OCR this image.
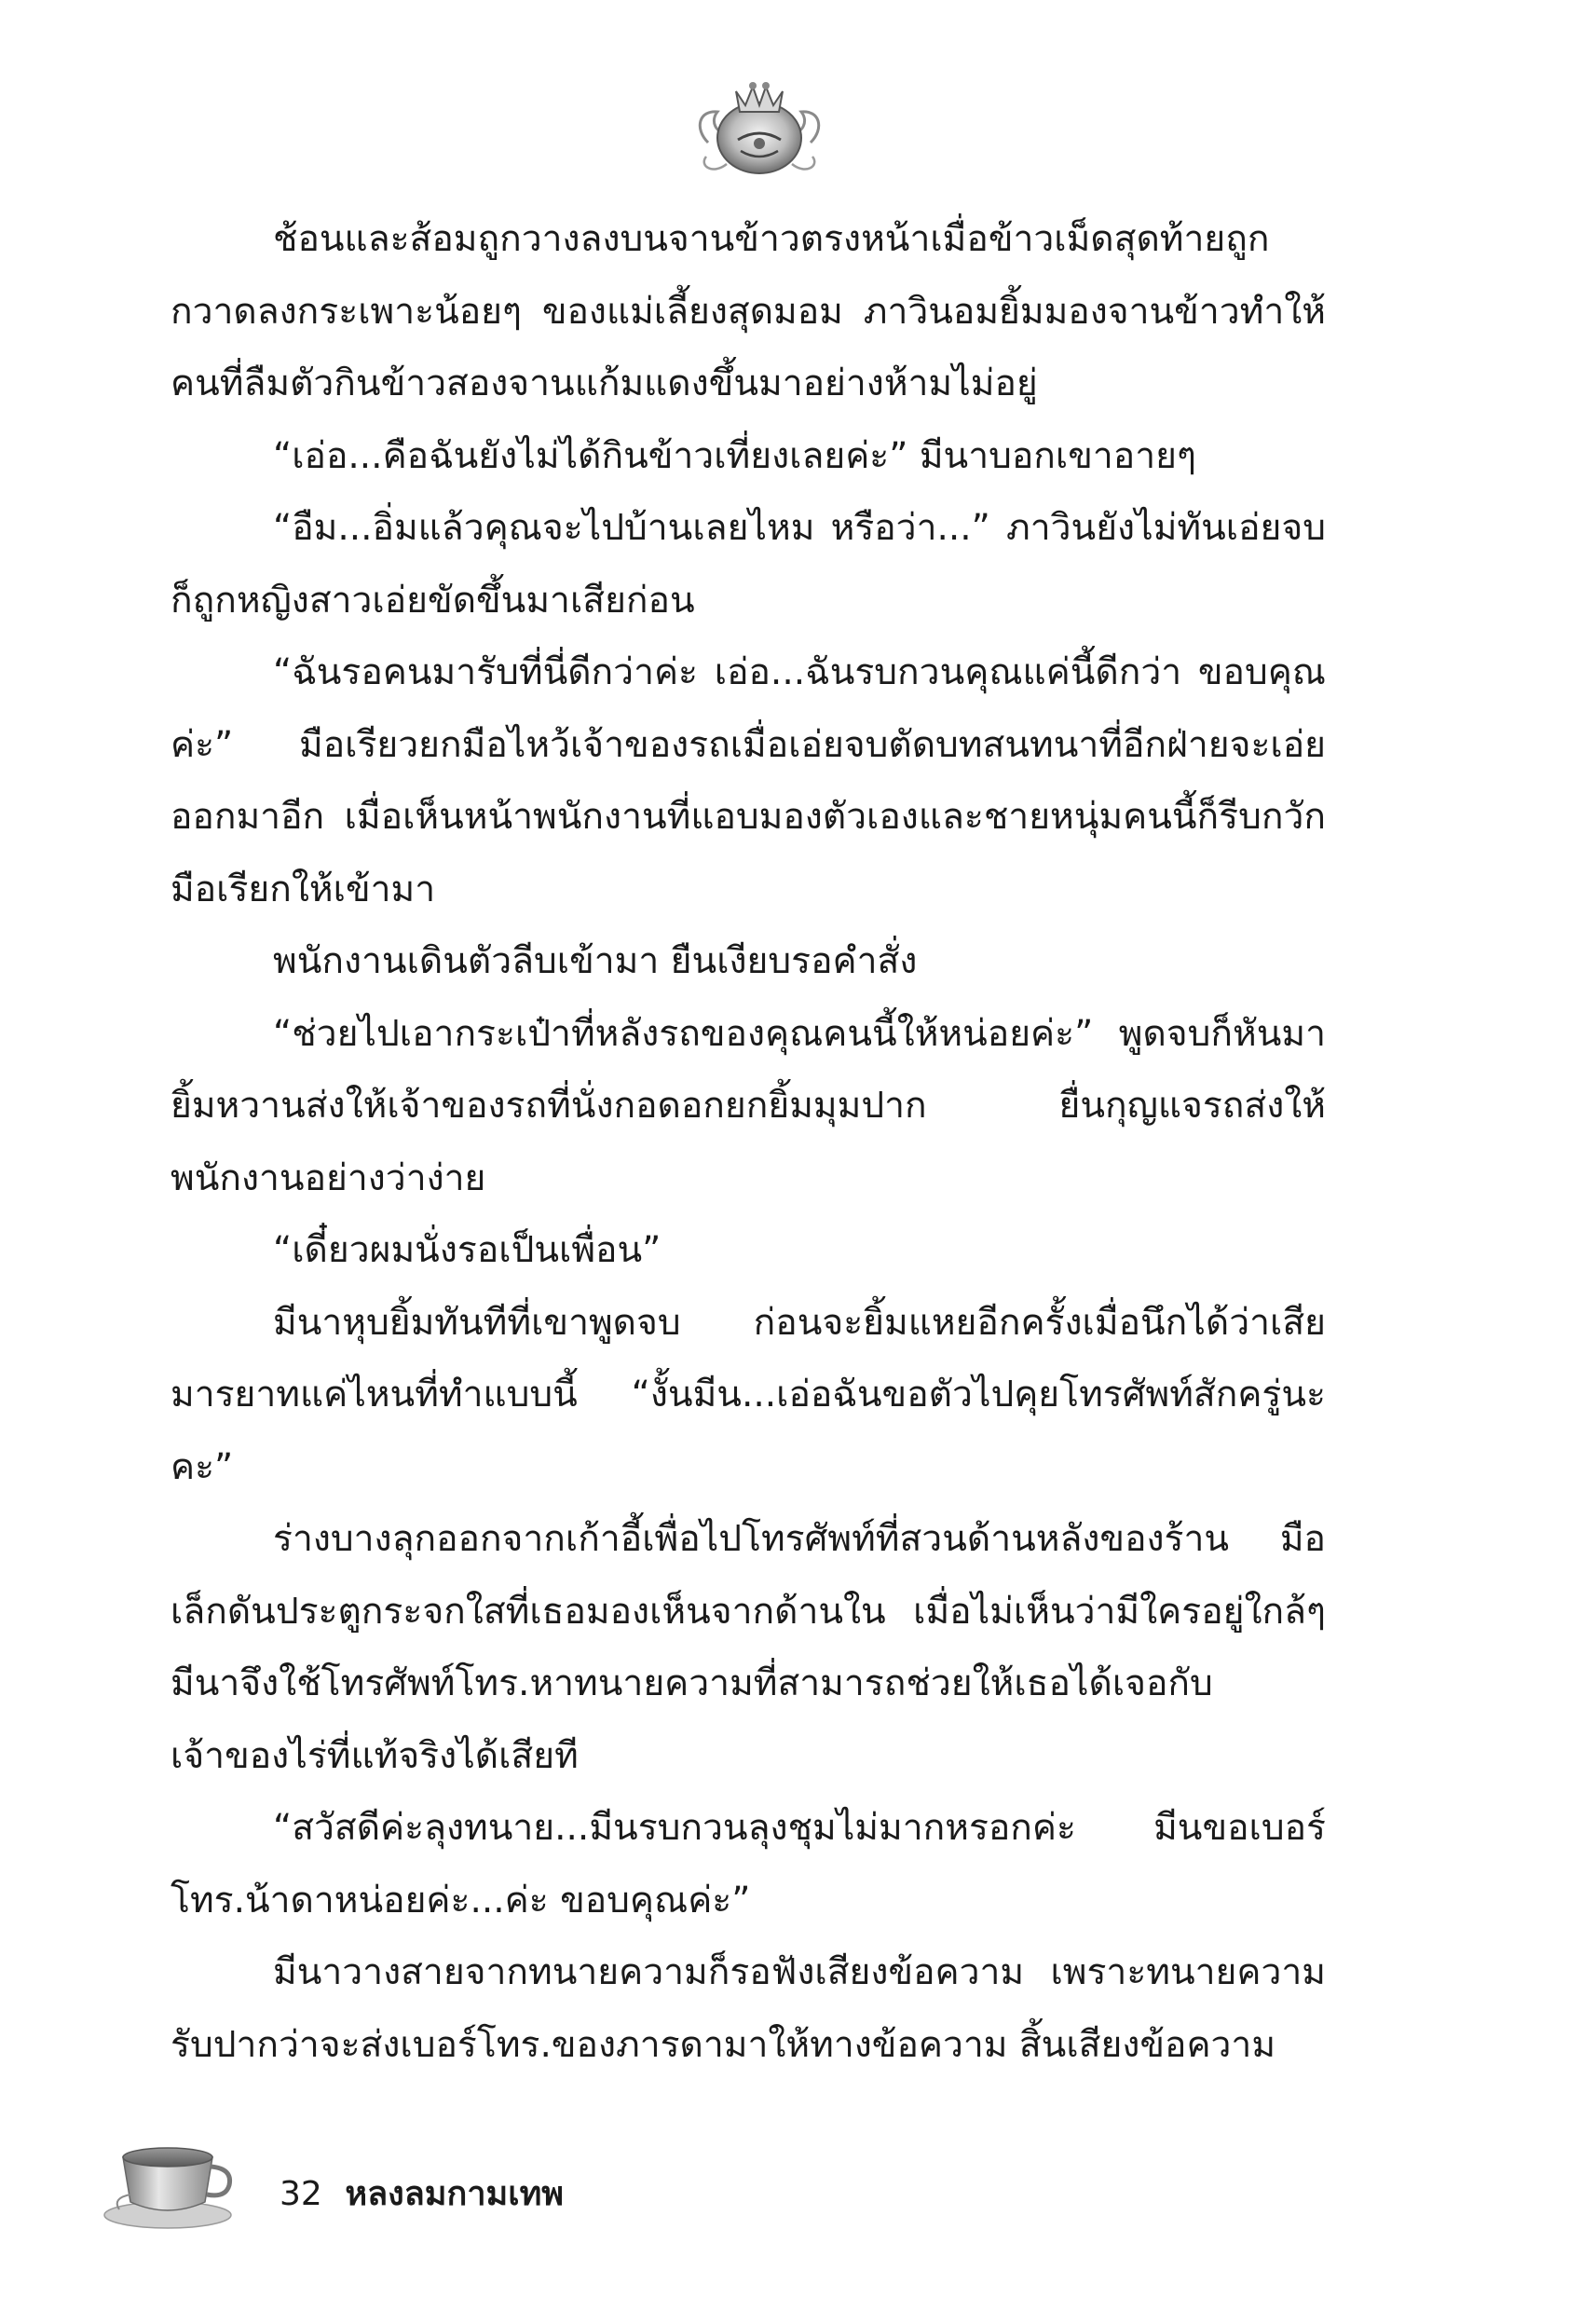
ช้อนและส้อมถูกวางลงบนจานข้าวตรงหน้าเมื่อข้าวเม็ดสุดท้ายถูกกวาดลงกระเพาะน้อยๆ ของแม่เลี้ยงสุดมอม ภาวินอมยิ้มมองจานข้าวทำให้คนที่ลืมตัวกินข้าวสองจานแก้มแดงขึ้นมาอย่างห้ามไม่อยู่

“เอ่อ...คือฉันยังไม่ได้กินข้าวเที่ยงเลยค่ะ” มีนาบอกเขาอายๆ

“อืม...อิ่มแล้วคุณจะไปบ้านเลยไหม หรือว่า...” ภาวินยังไม่ทันเอ่ยจบก็ถูกหญิงสาวเอ่ยขัดขึ้นมาเสียก่อน

“ฉันรอคนมารับที่นี่ดีกว่าค่ะ เอ่อ...ฉันรบกวนคุณแค่นี้ดีกว่า ขอบคุณค่ะ” มือเรียวยกมือไหว้เจ้าของรถเมื่อเอ่ยจบตัดบทสนทนาที่อีกฝ่ายจะเอ่ยออกมาอีก เมื่อเห็นหน้าพนักงานที่แอบมองตัวเองและชายหนุ่มคนนี้ก็รีบกวักมือเรียกให้เข้ามา

พนักงานเดินตัวลีบเข้ามา ยืนเงียบรอคำสั่ง

“ช่วยไปเอากระเป๋าที่หลังรถของคุณคนนี้ให้หน่อยค่ะ” พูดจบก็หันมายิ้มหวานส่งให้เจ้าของรถที่นั่งกอดอกยกยิ้มมุมปาก ยื่นกุญแจรถส่งให้พนักงานอย่างว่าง่าย

“เดี๋ยวผมนั่งรอเป็นเพื่อน”

มีนาหุบยิ้มทันทีที่เขาพูดจบ ก่อนจะยิ้มแหยอีกครั้งเมื่อนึกได้ว่าเสียมารยาทแค่ไหนที่ทำแบบนี้ “งั้นมีน...เอ่อฉันขอตัวไปคุยโทรศัพท์สักครู่นะคะ”

ร่างบางลุกออกจากเก้าอี้เพื่อไปโทรศัพท์ที่สวนด้านหลังของร้าน มือเล็กดันประตูกระจกใสที่เธอมองเห็นจากด้านใน เมื่อไม่เห็นว่ามีใครอยู่ใกล้ๆ มีนาจึงใช้โทรศัพท์โทร.หาทนายความที่สามารถช่วยให้เธอได้เจอกับเจ้าของไร่ที่แท้จริงได้เสียที

“สวัสดีค่ะลุงทนาย...มีนรบกวนลุงชุมไม่มากหรอกค่ะ มีนขอเบอร์โทร.น้าดาหน่อยค่ะ...ค่ะ ขอบคุณค่ะ”

มีนาวางสายจากทนายความก็รอฟังเสียงข้อความ เพราะทนายความรับปากว่าจะส่งเบอร์โทร.ของภารดามาให้ทางข้อความ สิ้นเสียงข้อความ

32 หลงลมกามเทพ
